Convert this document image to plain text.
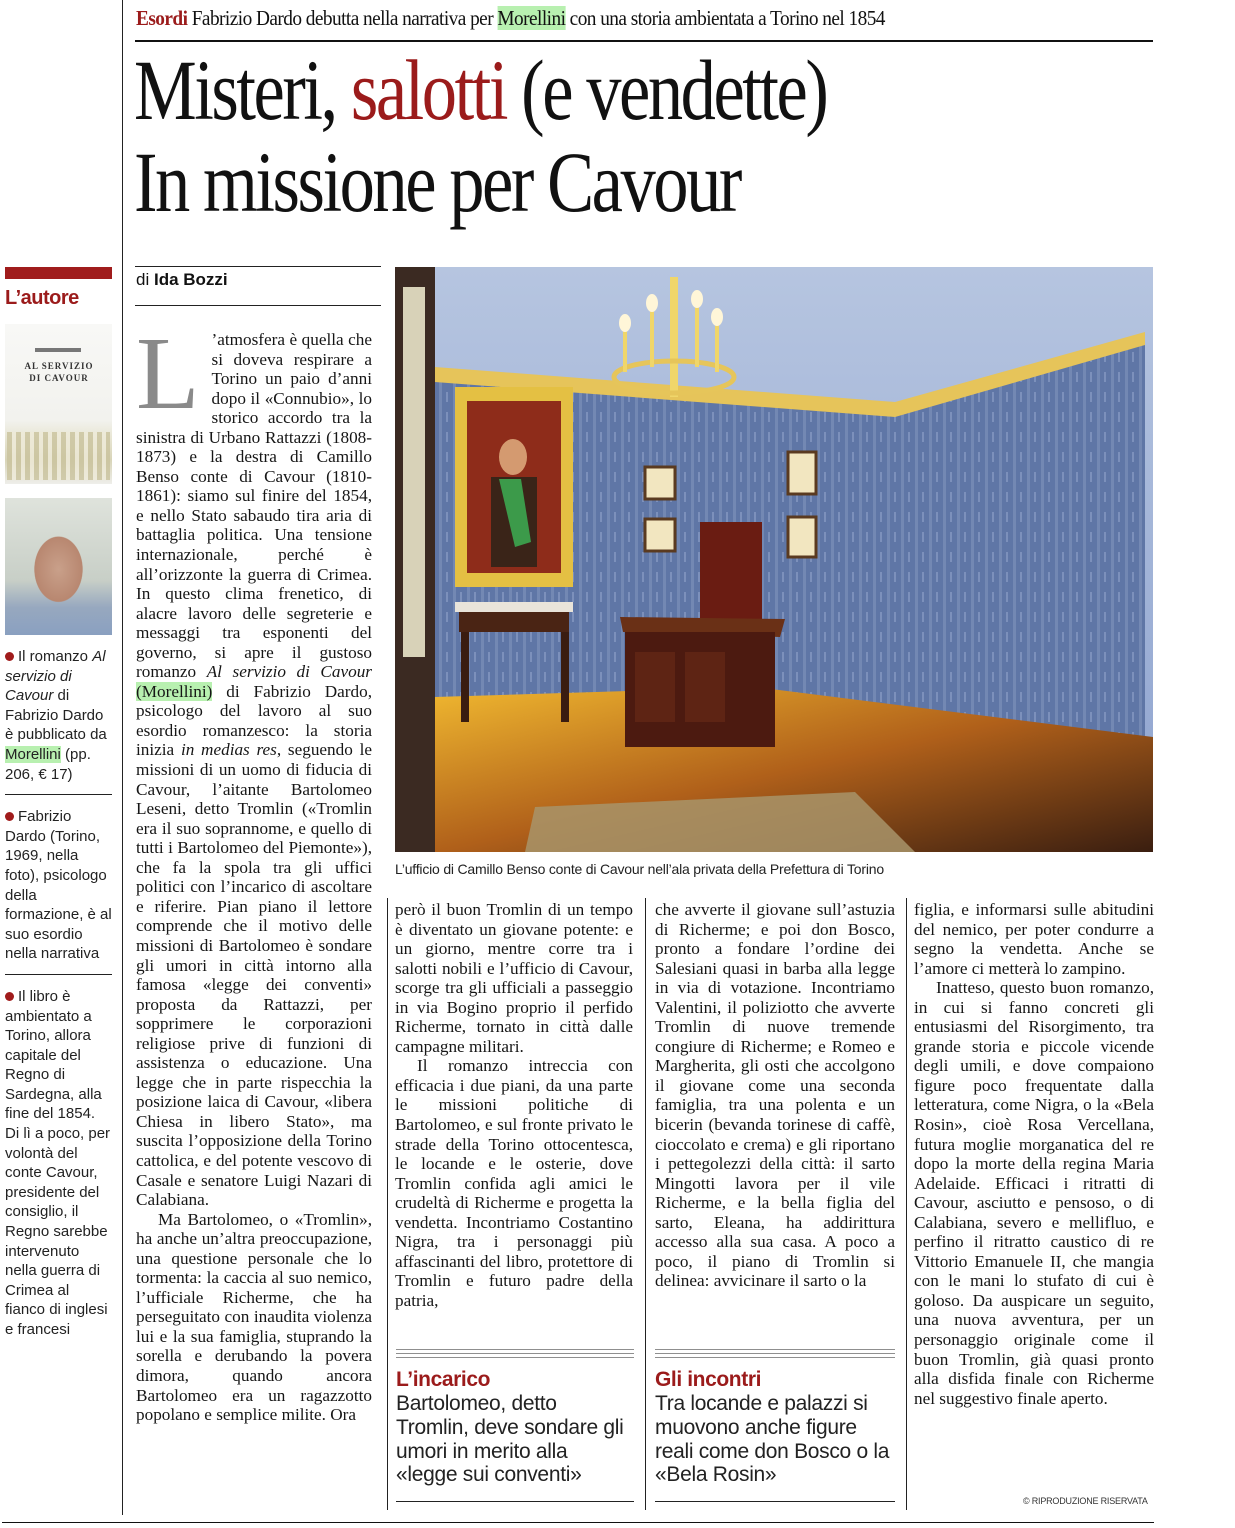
Esordi Fabrizio Dardo debutta nella narrativa per Morellini con una storia ambientata a Torino nel 1854
Misteri, salotti (e vendette)
In missione per Cavour
L’autore
AL SERVIZIO DI CAVOUR
Il romanzo Al servizio di Cavour di Fabrizio Dardo è pubblicato da Morellini (pp. 206, € 17)
Fabrizio Dardo (Torino, 1969, nella foto), psicologo della formazione, è al suo esordio nella narrativa
Il libro è ambientato a Torino, allora capitale del Regno di Sardegna, alla fine del 1854. Di lì a poco, per volontà del conte Cavour, presidente del consiglio, il Regno sarebbe intervenuto nella guerra di Crimea al fianco di inglesi e francesi
di Ida Bozzi

L ’atmosfera è quella che si doveva respirare a Torino un paio d’anni dopo il «Connubio», lo storico accordo tra la sinistra di Urbano Rattazzi (1808-1873) e la destra di Camillo Benso conte di Cavour (1810-1861): siamo sul finire del 1854, e nello Stato sabaudo tira aria di battaglia politica. Una tensione internazionale, perché è all’orizzonte la guerra di Crimea. In questo clima frenetico, di alacre lavoro delle segreterie e messaggi tra esponenti del governo, si apre il gustoso romanzo Al servizio di Cavour (Morellini) di Fabrizio Dardo, psicologo del lavoro al suo esordio romanzesco: la storia inizia in medias res, seguendo le missioni di un uomo di fiducia di Cavour, l’aitante Bartolomeo Leseni, detto Tromlin («Tromlin era il suo soprannome, e quello di tutti i Bartolomeo del Piemonte»), che fa la spola tra gli uffici politici con l’incarico di ascoltare e riferire. Pian piano il lettore comprende che il motivo delle missioni di Bartolomeo è sondare gli umori in città intorno alla famosa «legge dei conventi» proposta da Rattazzi, per sopprimere le corporazioni religiose prive di funzioni di assistenza o educazione. Una legge che in parte rispecchia la posizione laica di Cavour, «libera Chiesa in libero Stato», ma suscita l’opposizione della Torino cattolica, e del potente vescovo di Casale e senatore Luigi Nazari di Calabiana.

Ma Bartolomeo, o «Tromlin», ha anche un’altra preoccupazione, una questione personale che lo tormenta: la caccia al suo nemico, l’ufficiale Richerme, che ha perseguitato con inaudita violenza lui e la sua famiglia, stuprando la sorella e derubando la povera dimora, quando ancora Bartolomeo era un ragazzotto popolano e semplice milite. Ora

L’ufficio di Camillo Benso conte di Cavour nell’ala privata della Prefettura di Torino

però il buon Tromlin di un tempo è diventato un giovane potente: e un giorno, mentre corre tra i salotti nobili e l’ufficio di Cavour, scorge tra gli ufficiali a passeggio in via Bogino proprio il perfido Richerme, tornato in città dalle campagne militari.

Il romanzo intreccia con efficacia i due piani, da una parte le missioni politiche di Bartolomeo, e sul fronte privato le strade della Torino ottocentesca, le locande e le osterie, dove Tromlin confida agli amici le crudeltà di Richerme e progetta la vendetta. Incontriamo Costantino Nigra, tra i personaggi più affascinanti del libro, protettore di Tromlin e futuro padre della patria,

che avverte il giovane sull’astuzia di Richerme; e poi don Bosco, pronto a fondare l’ordine dei Salesiani quasi in barba alla legge in via di votazione. Incontriamo Valentini, il poliziotto che avverte Tromlin di nuove tremende congiure di Richerme; e Romeo e Margherita, gli osti che accolgono il giovane come una seconda famiglia, tra una polenta e un bicerin (bevanda torinese di caffè, cioccolato e crema) e gli riportano i pettegolezzi della città: il sarto Mingotti lavora per il vile Richerme, e la bella figlia del sarto, Eleana, ha addirittura accesso alla sua casa. A poco a poco, il piano di Tromlin si delinea: avvicinare il sarto o la

figlia, e informarsi sulle abitudini del nemico, per poter condurre a segno la vendetta. Anche se l’amore ci metterà lo zampino.

Inatteso, questo buon romanzo, in cui si fanno concreti gli entusiasmi del Risorgimento, tra grande storia e piccole vicende degli umili, e dove compaiono figure poco frequentate dalla letteratura, come Nigra, o la «Bela Rosin», cioè Rosa Vercellana, futura moglie morganatica del re dopo la morte della regina Maria Adelaide. Efficaci i ritratti di Cavour, asciutto e pensoso, o di Calabiana, severo e mellifluo, e perfino il ritratto caustico di re Vittorio Emanuele II, che mangia con le mani lo stufato di cui è goloso. Da auspicare un seguito, una nuova avventura, per un personaggio originale come il buon Tromlin, già quasi pronto alla disfida finale con Richerme nel suggestivo finale aperto.

L’incarico
Bartolomeo, detto Tromlin, deve sondare gli umori in merito alla «legge sui conventi»
Gli incontri
Tra locande e palazzi si muovono anche figure reali come don Bosco o la «Bela Rosin»
© RIPRODUZIONE RISERVATA
